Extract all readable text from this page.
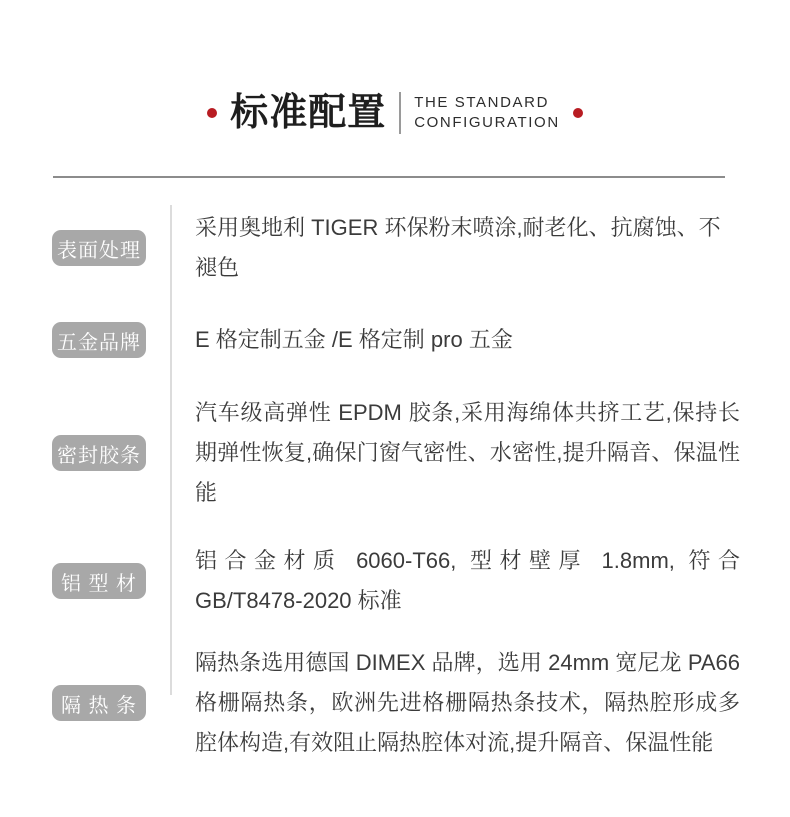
标准配置 THE STANDARD
CONFIGURATION
表面处理

采用奥地利 TIGER 环保粉末喷涂,耐老化、抗腐蚀、不褪色

五金品牌 E 格定制五金 /E 格定制 pro 五金

密封胶条

汽车级高弹性 EPDM 胶条,采用海绵体共挤工艺,保持长期弹性恢复,确保门窗气密性、水密性,提升隔音、保温性能

铝 型 材

铝合金材质 6060-T66, 型材壁厚 1.8mm, 符合 GB/T8478-2020 标准

隔 热 条

隔热条选用德国 DIMEX 品牌，选用 24mm 宽尼龙 PA66 格栅隔热条，欧洲先进格栅隔热条技术，隔热腔形成多腔体构造,有效阻止隔热腔体对流,提升隔音、保温性能
